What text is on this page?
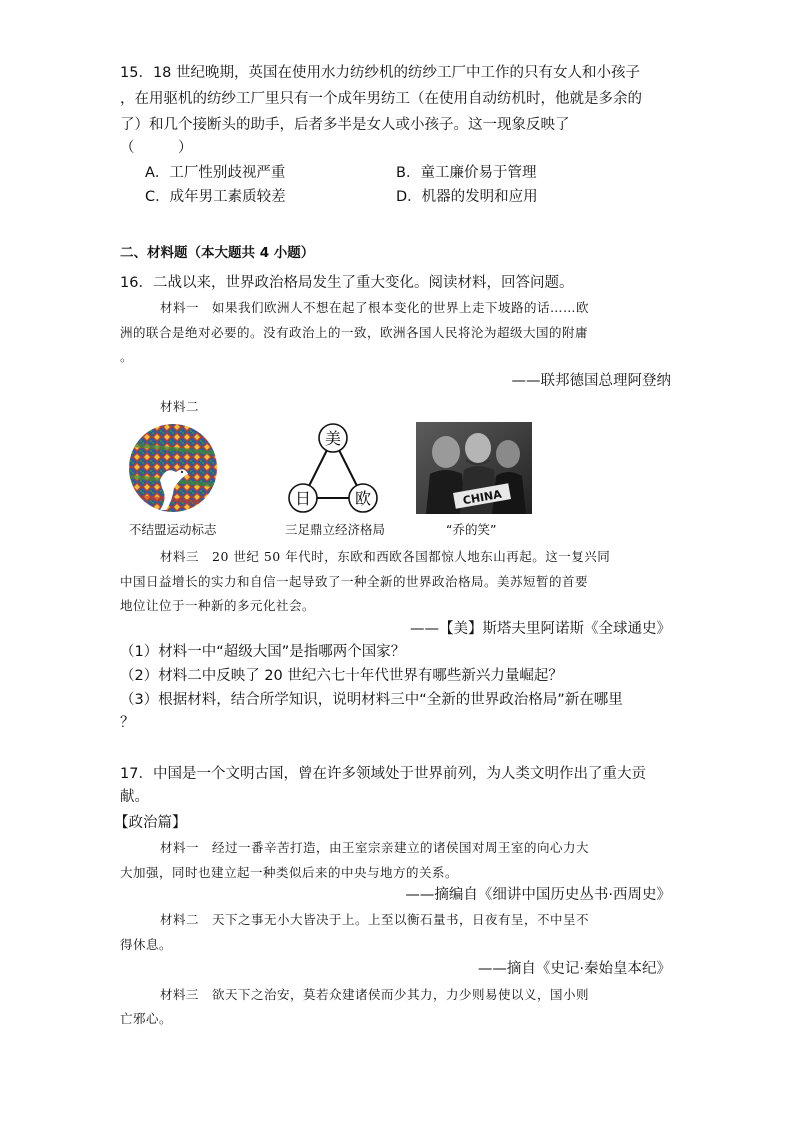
15．18 世纪晚期，英国在使用水力纺纱机的纺纱工厂中工作的只有女人和小孩子
，在用驱机的纺纱工厂里只有一个成年男纺工（在使用自动纺机时，他就是多余的
了）和几个接断头的助手，后者多半是女人或小孩子。这一现象反映了
（　　　）
A．工厂性别歧视严重	B．童工廉价易于管理
C．成年男工素质较差	D．机器的发明和应用
二、材料题（本大题共 4 小题）
16．二战以来，世界政治格局发生了重大变化。阅读材料，回答问题。
材料一　如果我们欧洲人不想在起了根本变化的世界上走下坡路的话……欧
洲的联合是绝对必要的。没有政治上的一致，欧洲各国人民将沦为超级大国的附庸
。
——联邦德国总理阿登纳
材料二
不结盟运动标志
美
日	欧
三足鼎立经济格局
CHINA
“乔的笑”
材料三　20 世纪 50 年代时，东欧和西欧各国都惊人地东山再起。这一复兴同
中国日益增长的实力和自信一起导致了一种全新的世界政治格局。美苏短暂的首要
地位让位于一种新的多元化社会。
——【美】斯塔夫里阿诺斯《全球通史》
（1）材料一中“超级大国”是指哪两个国家？
（2）材料二中反映了 20 世纪六七十年代世界有哪些新兴力量崛起？
（3）根据材料，结合所学知识，说明材料三中“全新的世界政治格局”新在哪里
？
17．中国是一个文明古国，曾在许多领域处于世界前列，为人类文明作出了重大贡
献。
【政治篇】
材料一　经过一番辛苦打造，由王室宗亲建立的诸侯国对周王室的向心力大
大加强，同时也建立起一种类似后来的中央与地方的关系。
——摘编自《细讲中国历史丛书·西周史》
材料二　天下之事无小大皆决于上。上至以衡石量书，日夜有呈，不中呈不
得休息。
——摘自《史记·秦始皇本纪》
材料三　欲天下之治安，莫若众建诸侯而少其力，力少则易使以义，国小则
亡邪心。
